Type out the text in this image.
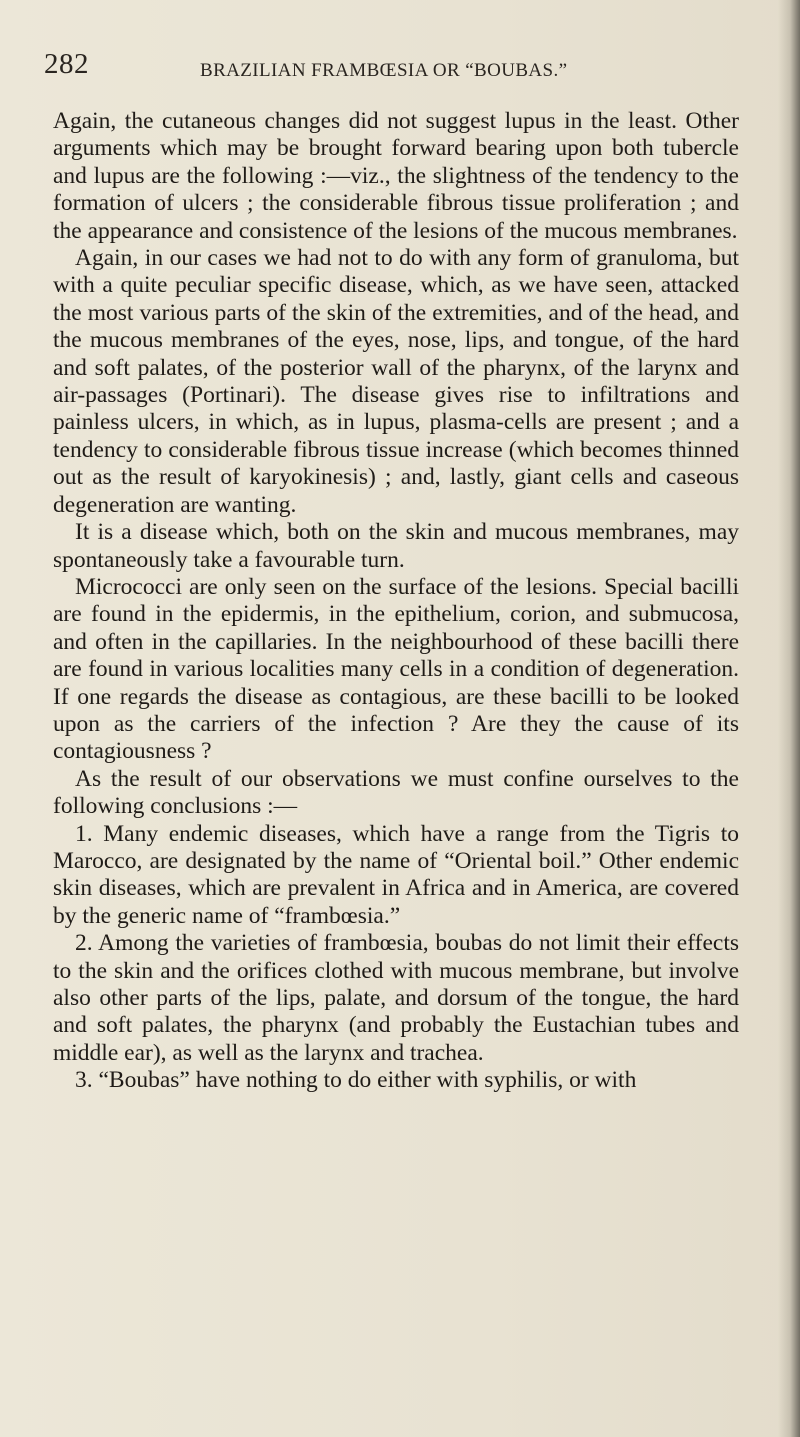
282	BRAZILIAN FRAMBŒSIA OR “BOUBAS.”

Again, the cutaneous changes did not suggest lupus in the least. Other arguments which may be brought forward bearing upon both tubercle and lupus are the following :—viz., the slightness of the tendency to the formation of ulcers ; the considerable fibrous tissue proliferation ; and the appearance and consistence of the lesions of the mucous membranes.

Again, in our cases we had not to do with any form of granuloma, but with a quite peculiar specific disease, which, as we have seen, attacked the most various parts of the skin of the extremities, and of the head, and the mucous membranes of the eyes, nose, lips, and tongue, of the hard and soft palates, of the posterior wall of the pharynx, of the larynx and air-passages (Portinari). The disease gives rise to infiltrations and painless ulcers, in which, as in lupus, plasma-cells are present ; and a tendency to considerable fibrous tissue increase (which becomes thinned out as the result of karyokinesis) ; and, lastly, giant cells and caseous degeneration are wanting.

It is a disease which, both on the skin and mucous membranes, may spontaneously take a favourable turn.

Micrococci are only seen on the surface of the lesions. Special bacilli are found in the epidermis, in the epithelium, corion, and submucosa, and often in the capillaries. In the neighbourhood of these bacilli there are found in various localities many cells in a condition of degeneration. If one regards the disease as contagious, are these bacilli to be looked upon as the carriers of the infection ? Are they the cause of its contagiousness ?

As the result of our observations we must confine ourselves to the following conclusions :—

1. Many endemic diseases, which have a range from the Tigris to Marocco, are designated by the name of “Oriental boil.” Other endemic skin diseases, which are prevalent in Africa and in America, are covered by the generic name of “frambœsia.”

2. Among the varieties of frambœsia, boubas do not limit their effects to the skin and the orifices clothed with mucous membrane, but involve also other parts of the lips, palate, and dorsum of the tongue, the hard and soft palates, the pharynx (and probably the Eustachian tubes and middle ear), as well as the larynx and trachea.

3. “Boubas” have nothing to do either with syphilis, or with
